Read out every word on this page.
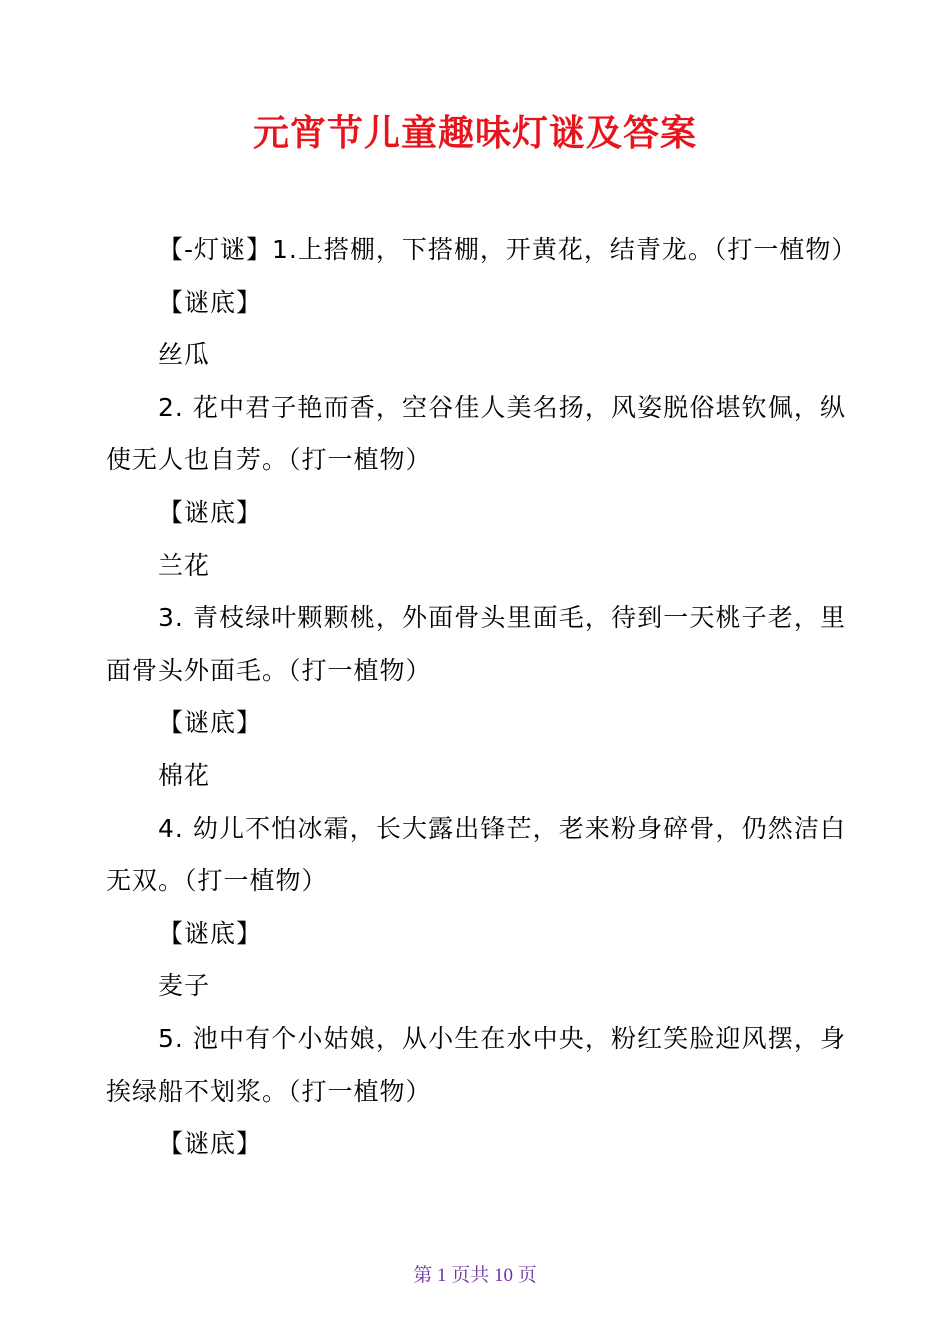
元宵节儿童趣味灯谜及答案

【-灯谜】1.上搭棚，下搭棚，开黄花，结青龙。（打一植物）

【谜底】

丝瓜

2. 花中君子艳而香，空谷佳人美名扬，风姿脱俗堪钦佩，纵使无人也自芳。（打一植物）

【谜底】

兰花

3. 青枝绿叶颗颗桃，外面骨头里面毛，待到一天桃子老，里面骨头外面毛。（打一植物）

【谜底】

棉花

4. 幼儿不怕冰霜，长大露出锋芒，老来粉身碎骨，仍然洁白无双。（打一植物）

【谜底】

麦子

5. 池中有个小姑娘，从小生在水中央，粉红笑脸迎风摆，身挨绿船不划浆。（打一植物）

【谜底】

第 1 页共 10 页
